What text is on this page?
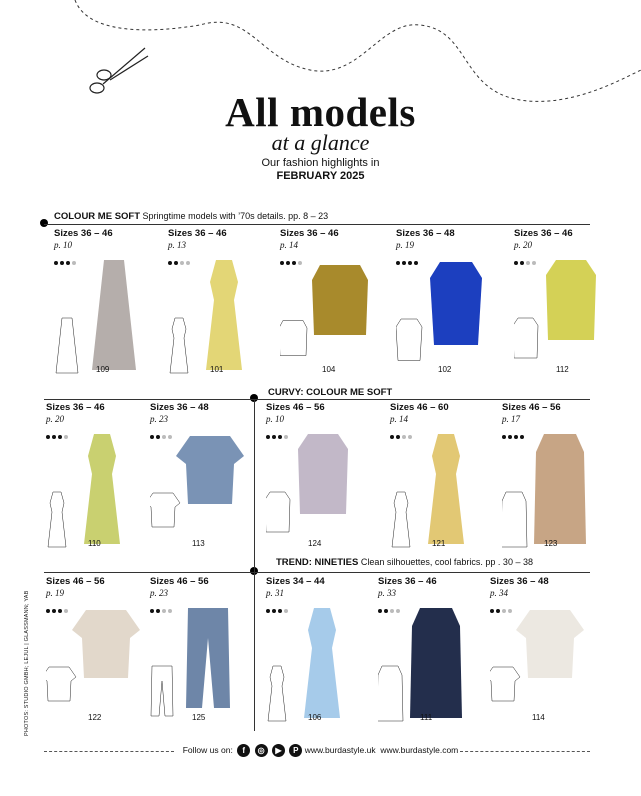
All models
at a glance
Our fashion highlights in
FEBRUARY 2025
COLOUR ME SOFT Springtime models with ’70s details. pp. 8 – 23
CURVY: COLOUR ME SOFT
TREND: NINETIES Clean silhouettes, cool fabrics. pp . 30 – 38
Sizes 36 – 46
p. 10
109
Sizes 36 – 46
p. 13
101
Sizes 36 – 46
p. 14
104
Sizes 36 – 48
p. 19
102
Sizes 36 – 46
p. 20
112
Sizes 36 – 46
p. 20
110
Sizes 36 – 48
p. 23
113
Sizes 46 – 56
p. 10
124
Sizes 46 – 60
p. 14
121
Sizes 46 – 56
p. 17
123
Sizes 46 – 56
p. 19
122
Sizes 46 – 56
p. 23
125
Sizes 34 – 44
p. 31
106
Sizes 36 – 46
p. 33
111
Sizes 36 – 48
p. 34
114
PHOTOS: STUDIO GMBH; LEJUL | GLASSMANN; YAB
Follow us on: f ◎ ▶ P www.burdastyle.uk www.burdastyle.com
